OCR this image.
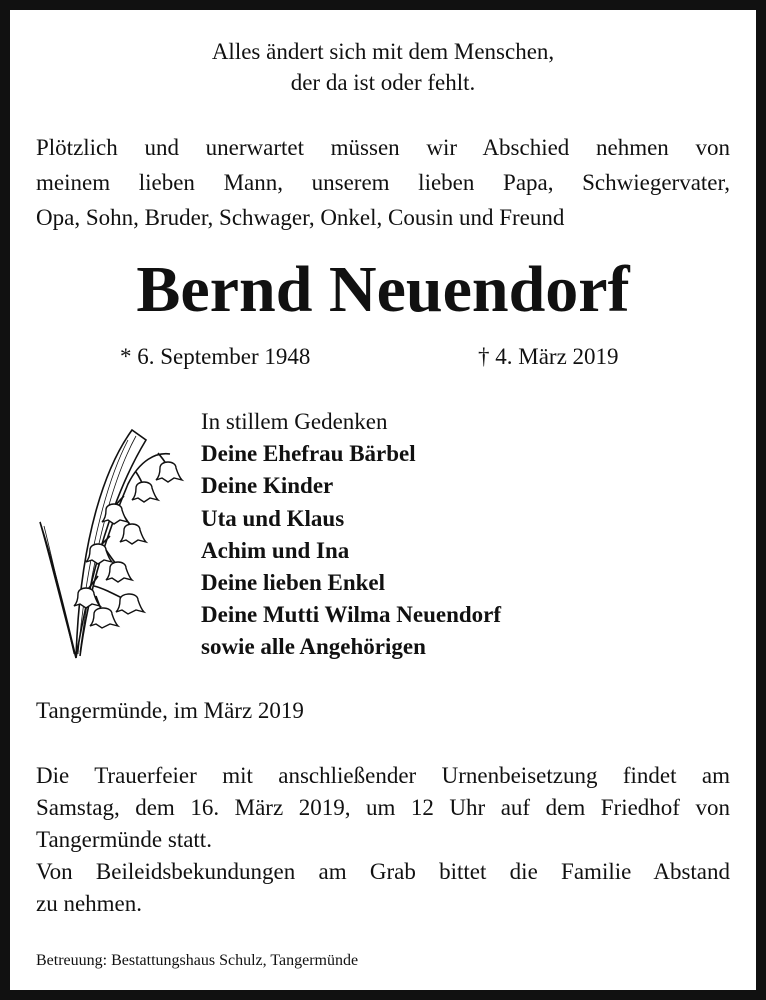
Alles ändert sich mit dem Menschen,
der da ist oder fehlt.
Plötzlich und unerwartet müssen wir Abschied nehmen von
meinem lieben Mann, unserem lieben Papa, Schwiegervater,
Opa, Sohn, Bruder, Schwager, Onkel, Cousin und Freund
Bernd Neuendorf
* 6. September 1948	† 4. März 2019
In stillem Gedenken
Deine Ehefrau Bärbel
Deine Kinder
Uta und Klaus
Achim und Ina
Deine lieben Enkel
Deine Mutti Wilma Neuendorf
sowie alle Angehörigen
Tangermünde, im März 2019
Die Trauerfeier mit anschließender Urnenbeisetzung findet am
Samstag, dem 16. März 2019, um 12 Uhr auf dem Friedhof von
Tangermünde statt.
Von Beileidsbekundungen am Grab bittet die Familie Abstand
zu nehmen.
Betreuung: Bestattungshaus Schulz, Tangermünde
